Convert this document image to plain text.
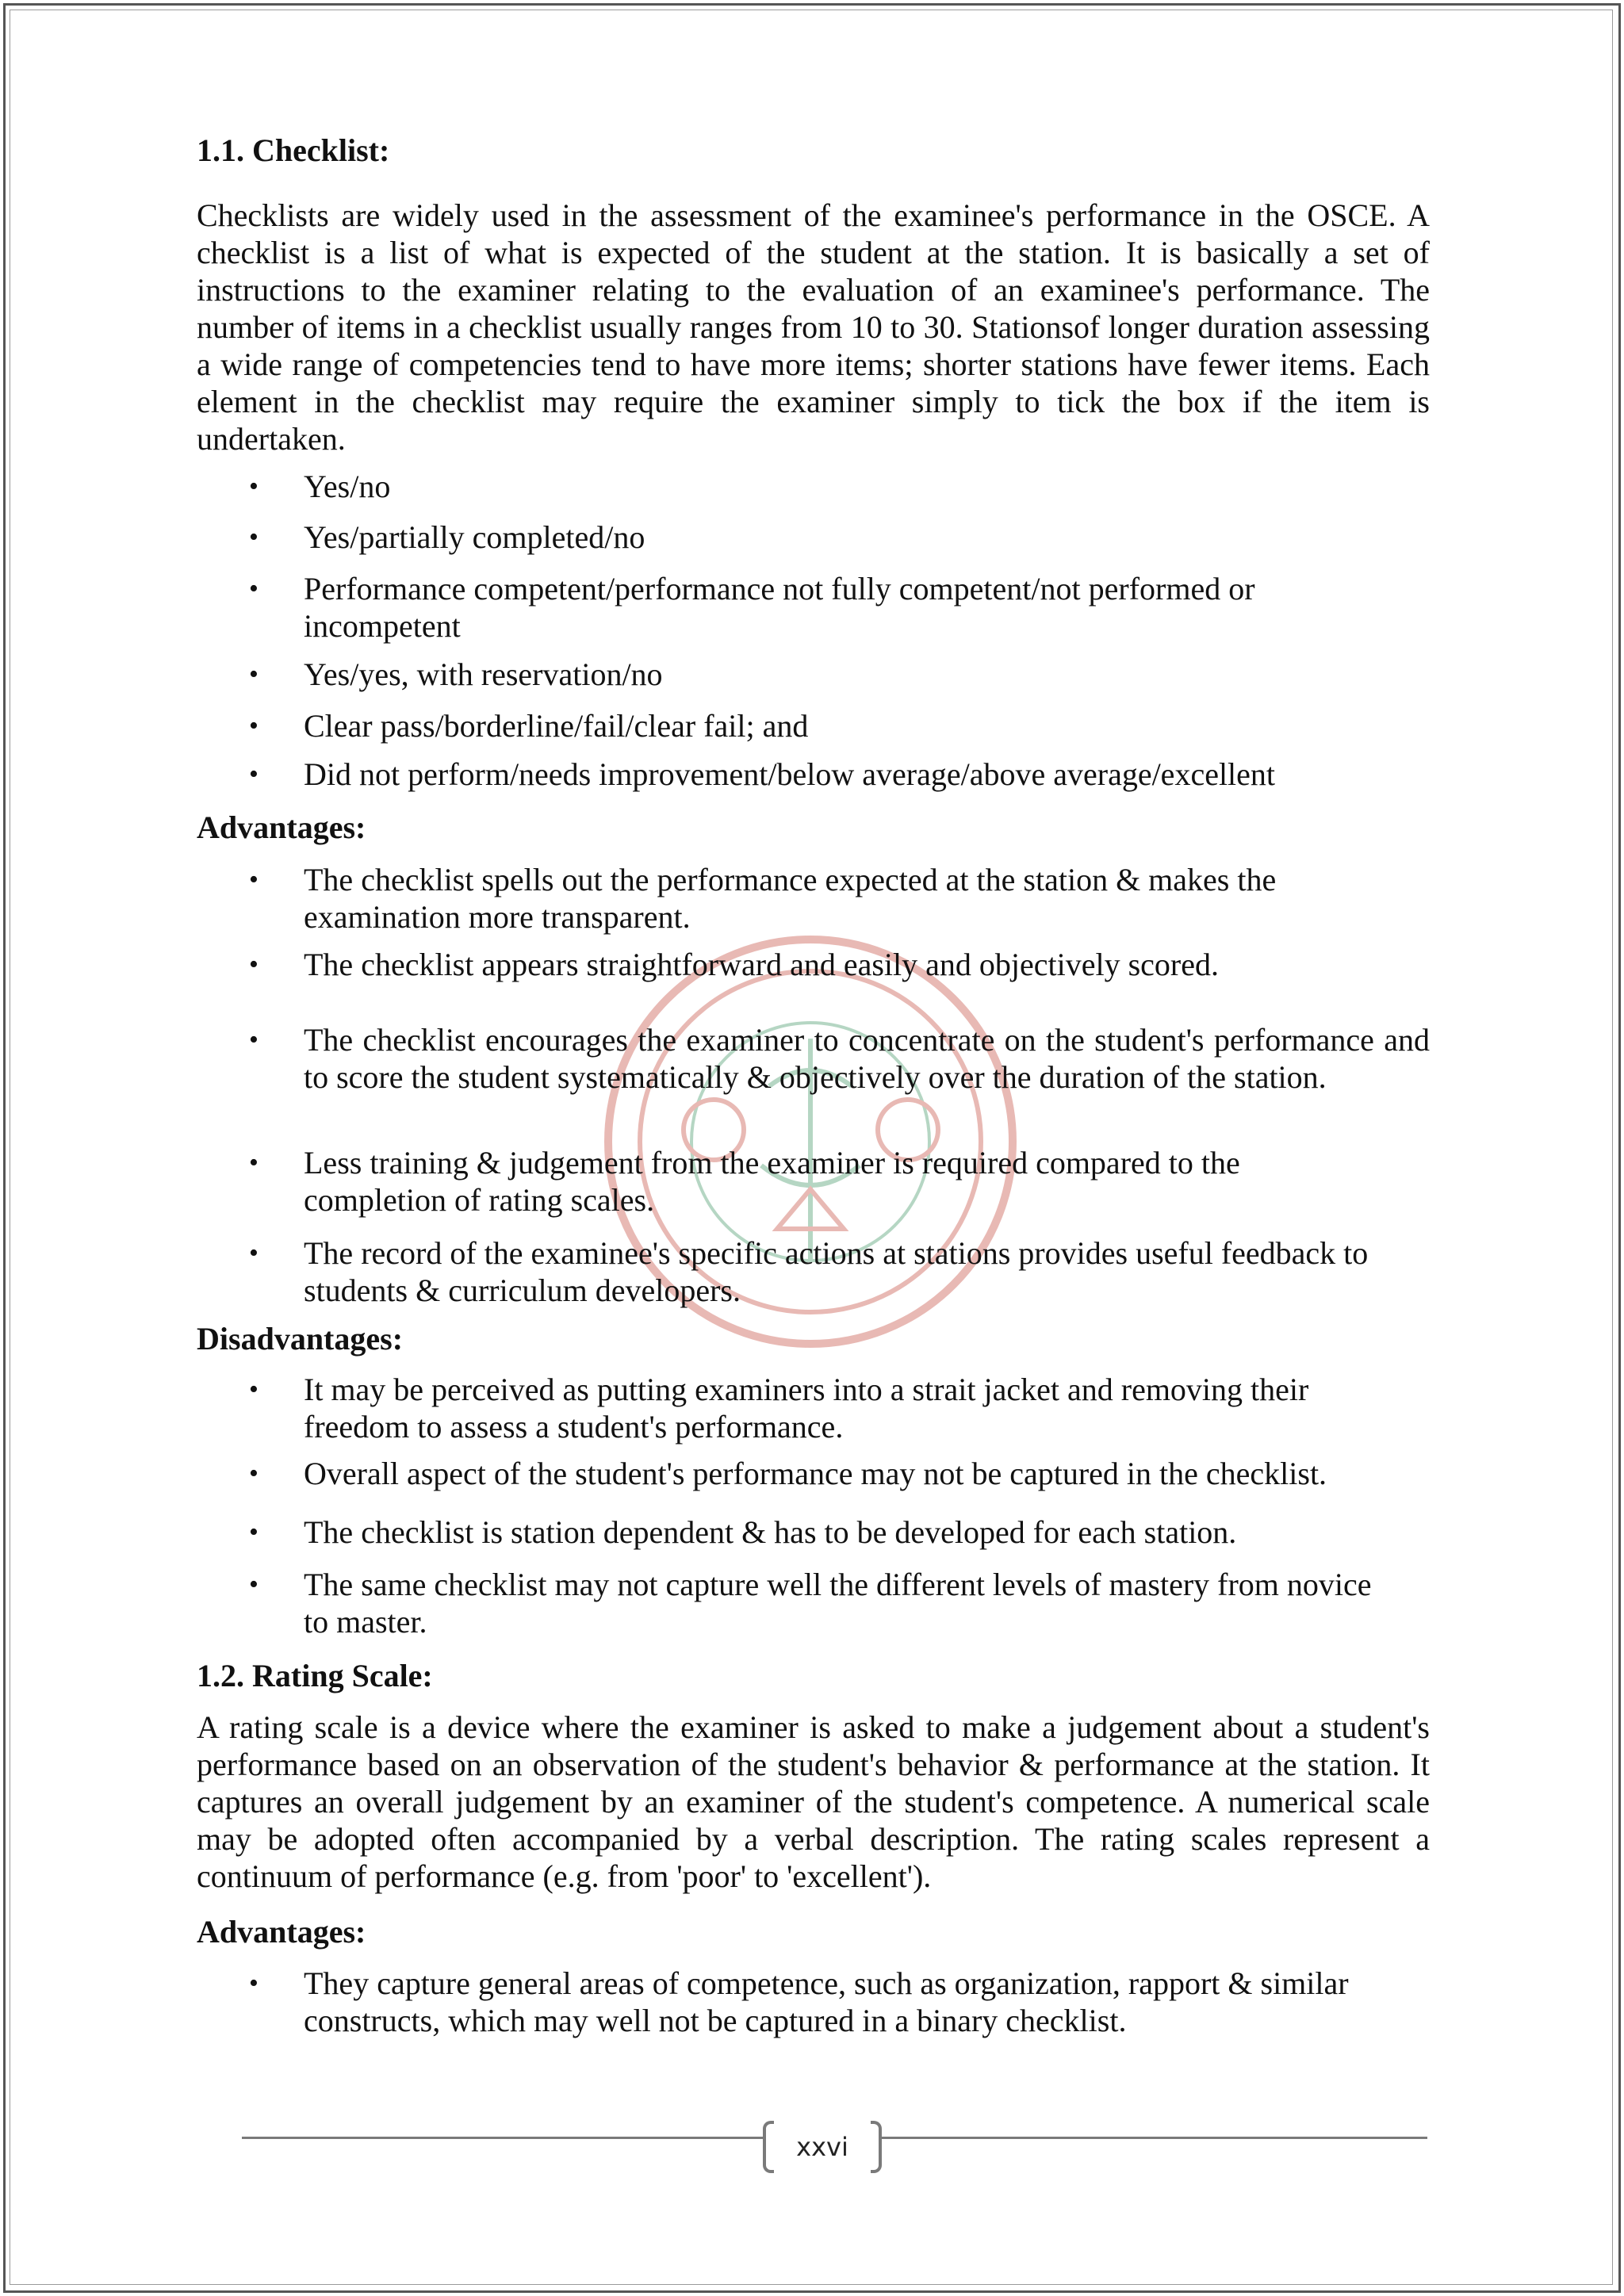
1.1. Checklist:

Checklists are widely used in the assessment of the examinee's performance in the OSCE. A checklist is a list of what is expected of the student at the station. It is basically a set of instructions to the examiner relating to the evaluation of an examinee's performance. The number of items in a checklist usually ranges from 10 to 30. Stationsof longer duration assessing a wide range of competencies tend to have more items; shorter stations have fewer items. Each element in the checklist may require the examiner simply to tick the box if the item is undertaken.

• Yes/no
• Yes/partially completed/no
• Performance competent/performance not fully competent/not performed or incompetent
• Yes/yes, with reservation/no
• Clear pass/borderline/fail/clear fail; and
• Did not perform/needs improvement/below average/above average/excellent
Advantages:
• The checklist spells out the performance expected at the station & makes the examination more transparent.
• The checklist appears straightforward and easily and objectively scored.
• The checklist encourages the examiner to concentrate on the student's performance and to score the student systematically & objectively over the duration of the station.
• Less training & judgement from the examiner is required compared to the completion of rating scales.
• The record of the examinee's specific actions at stations provides useful feedback to students & curriculum developers.
Disadvantages:
• It may be perceived as putting examiners into a strait jacket and removing their freedom to assess a student's performance.
• Overall aspect of the student's performance may not be captured in the checklist.
• The checklist is station dependent & has to be developed for each station.
• The same checklist may not capture well the different levels of mastery from novice to master.
1.2. Rating Scale:

A rating scale is a device where the examiner is asked to make a judgement about a student's performance based on an observation of the student's behavior & performance at the station. It captures an overall judgement by an examiner of the student's competence. A numerical scale may be adopted often accompanied by a verbal description. The rating scales represent a continuum of performance (e.g. from 'poor' to 'excellent').

Advantages:
• They capture general areas of competence, such as organization, rapport & similar constructs, which may well not be captured in a binary checklist.
xxvi
